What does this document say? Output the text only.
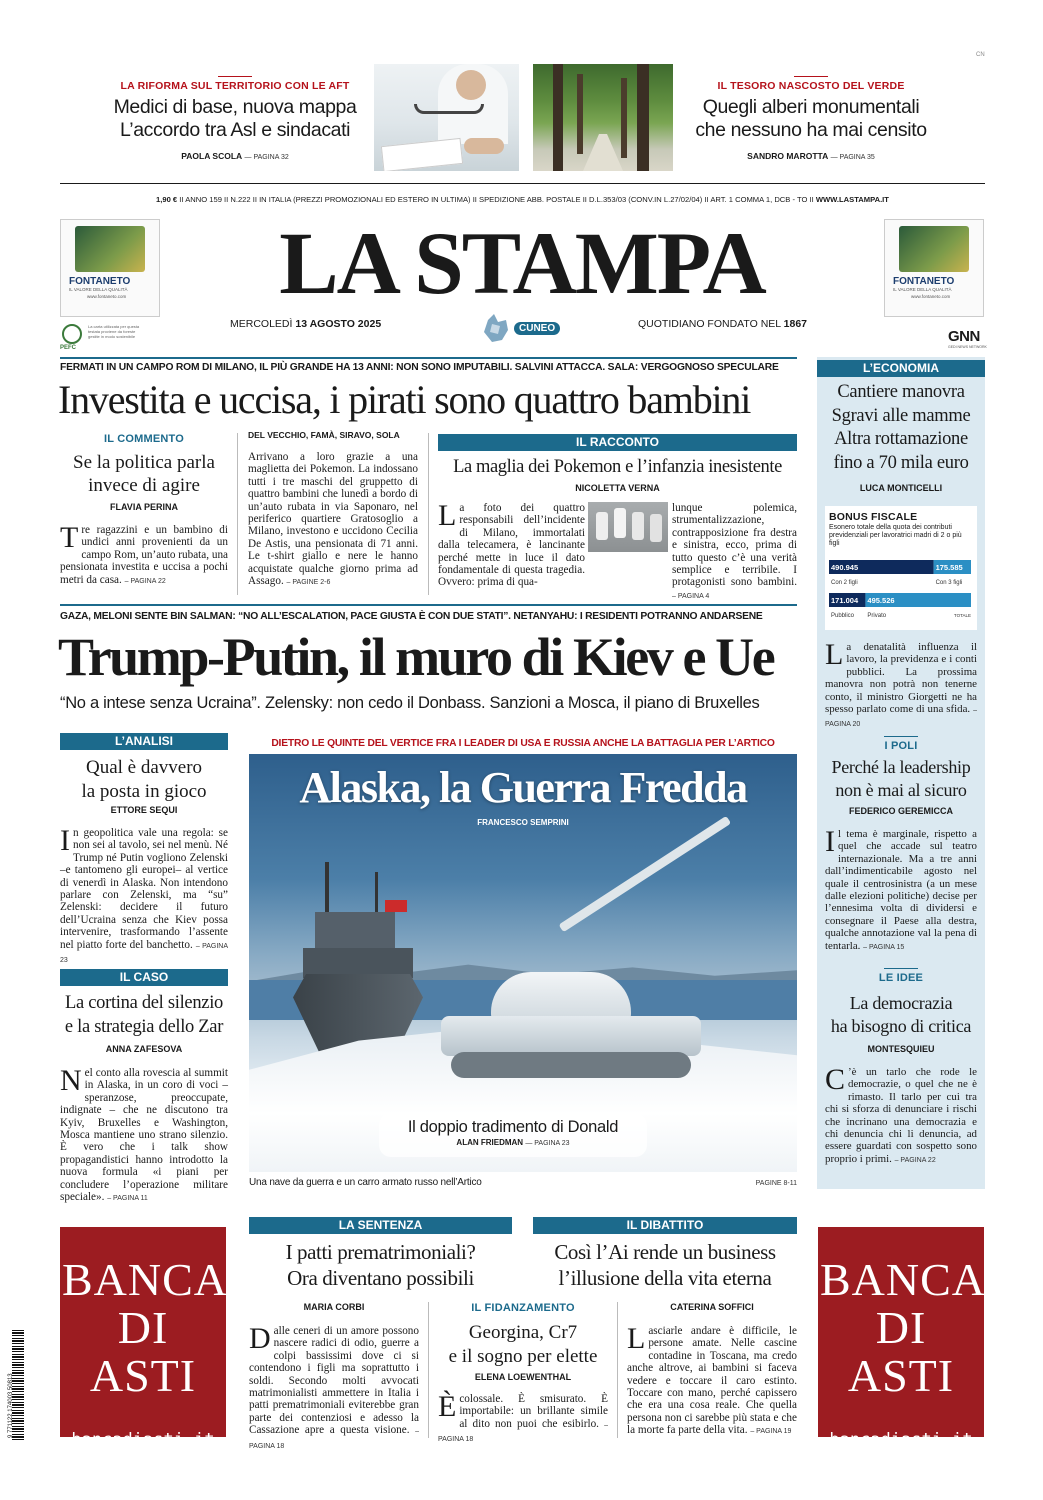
CN
LA RIFORMA SUL TERRITORIO CON LE AFT
Medici di base, nuova mappa
L’accordo tra Asl e sindacati
PAOLA SCOLA — PAGINA 32
IL TESORO NASCOSTO DEL VERDE
Quegli alberi monumentali
che nessuno ha mai censito
SANDRO MAROTTA — PAGINA 35
1,90 € II ANNO 159 II N.222 II IN ITALIA (PREZZI PROMOZIONALI ED ESTERO IN ULTIMA) II SPEDIZIONE ABB. POSTALE II D.L.353/03 (CONV.IN L.27/02/04) II ART. 1 COMMA 1, DCB - TO II WWW.LASTAMPA.IT
FONTANETO
IL VALORE DELLA QUALITÀ
www.fontaneto.com
FONTANETO
IL VALORE DELLA QUALITÀ
www.fontaneto.com
LA STAMPA
MERCOLEDÌ 13 AGOSTO 2025	CUNEO	QUOTIDIANO FONDATO NEL 1867
PEFC
La carta utilizzata per questa testata proviene da foreste gestite in modo sostenibile	GNN
GEDI NEWS NETWORK
FERMATI IN UN CAMPO ROM DI MILANO, IL PIÙ GRANDE HA 13 ANNI: NON SONO IMPUTABILI. SALVINI ATTACCA. SALA: VERGOGNOSO SPECULARE
Investita e uccisa, i pirati sono quattro bambini
IL COMMENTO
Se la politica parla
invece di agire
FLAVIA PERINA
Tre ragazzini e un bambino di undici anni provenienti da un campo Rom, un’auto rubata, una pensionata investita e uccisa a pochi metri da casa. – PAGINA 22
DEL VECCHIO, FAMÀ, SIRAVO, SOLA
Arrivano a loro grazie a una maglietta dei Pokemon. La indossano tutti i tre maschi del gruppetto di quattro bambini che lunedì a bordo di un’auto rubata in via Saponaro, nel periferico quartiere Gratosoglio a Milano, investono e uccidono Cecilia De Astis, una pensionata di 71 anni. Le t-shirt giallo e nere le hanno acquistate qualche giorno prima ad Assago. – PAGINE 2-6
IL RACCONTO
La maglia dei Pokemon e l’infanzia inesistente
NICOLETTA VERNA
La foto dei quattro responsabili dell’incidente di Milano, immortalati dalla telecamera, è lancinante perché mette in luce il dato fondamentale di questa tragedia. Ovvero: prima di qua-
lunque polemica, strumentalizzazione, contrapposizione fra destra e sinistra, ecco, prima di tutto questo c’è una verità semplice e terribile. I protagonisti sono bambini. – PAGINA 4
L’ECONOMIA
Cantiere manovra
Sgravi alle mamme
Altra rottamazione
fino a 70 mila euro
LUCA MONTICELLI
BONUS FISCALE
Esonero totale della quota dei contributi previdenziali per lavoratrici madri di 2 o più figli
490.945
Con 2 figli
175.585
Con 3 figli
171.004
Pubblico
495.526
Privato	TOTALE
La denatalità influenza il lavoro, la previdenza e i conti pubblici. La prossima manovra non potrà non tenerne conto, il ministro Giorgetti ne ha spesso parlato come di una sfida. – PAGINA 20
I POLI
Perché la leadership
non è mai al sicuro
FEDERICO GEREMICCA
Il tema è marginale, rispetto a quel che accade sul teatro internazionale. Ma a tre anni dall’indimenticabile agosto nel quale il centrosinistra (a un mese dalle elezioni politiche) decise per l’ennesima volta di dividersi e consegnare il Paese alla destra, qualche annotazione val la pena di tentarla. – PAGINA 15
LE IDEE
La democrazia
ha bisogno di critica
MONTESQUIEU
C ’è un tarlo che rode le democrazie, o quel che ne è rimasto. Il tarlo per cui tra chi si sforza di denunciare i rischi che incrinano una democrazia e chi denuncia chi li denuncia, ad essere guardati con sospetto sono proprio i primi. – PAGINA 22
GAZA, MELONI SENTE BIN SALMAN: “NO ALL’ESCALATION, PACE GIUSTA È CON DUE STATI”. NETANYAHU: I RESIDENTI POTRANNO ANDARSENE
Trump-Putin, il muro di Kiev e Ue
“No a intese senza Ucraina”. Zelensky: non cedo il Donbass. Sanzioni a Mosca, il piano di Bruxelles
L’ANALISI
Qual è davvero
la posta in gioco
ETTORE SEQUI
In geopolitica vale una regola: se non sei al tavolo, sei nel menù. Né Trump né Putin vogliono Zelenski –e tantomeno gli europei– al vertice di venerdì in Alaska. Non intendono parlare con Zelenski, ma “su” Zelenski: decidere il futuro dell’Ucraina senza che Kiev possa intervenire, trasformando l’assente nel piatto forte del banchetto. – PAGINA 23
IL CASO
La cortina del silenzio
e la strategia dello Zar
ANNA ZAFESOVA
Nel conto alla rovescia al summit in Alaska, in un coro di voci – speranzose, preoccupate, indignate – che ne discutono tra Kyiv, Bruxelles e Washington, Mosca mantiene uno strano silenzio. È vero che i talk show propagandistici hanno introdotto la nuova formula «i piani per concludere l’operazione militare speciale». – PAGINA 11
DIETRO LE QUINTE DEL VERTICE FRA I LEADER DI USA E RUSSIA ANCHE LA BATTAGLIA PER L’ARTICO
Alaska, la Guerra Fredda
FRANCESCO SEMPRINI
Il doppio tradimento di Donald
ALAN FRIEDMAN — PAGINA 23
Una nave da guerra e un carro armato russo nell’Artico	PAGINE 8-11
9 771122 174003 50813
BANCA
DI ASTI
bancadiasti.it
BANCA
DI ASTI
bancadiasti.it
LA SENTENZA
I patti prematrimoniali?
Ora diventano possibili
MARIA CORBI
Dalle ceneri di un amore possono nascere radici di odio, guerre a colpi bassissimi dove ci si contendono i figli ma soprattutto i soldi. Secondo molti avvocati matrimonialisti ammettere in Italia i patti prematrimoniali eviterebbe gran parte dei contenziosi e adesso la Cassazione apre a questa visione. – PAGINA 18
IL FIDANZAMENTO
Georgina, Cr7
e il sogno per elette
ELENA LOEWENTHAL
È colossale. È smisurato. È importabile: un brillante simile al dito non puoi che esibirlo. – PAGINA 18
IL DIBATTITO
Così l’Ai rende un business
l’illusione della vita eterna
CATERINA SOFFICI
Lasciarle andare è difficile, le persone amate. Nelle cascine contadine in Toscana, ma credo anche altrove, ai bambini si faceva vedere e toccare il caro estinto. Toccare con mano, perché capissero che era una cosa reale. Che quella persona non ci sarebbe più stata e che la morte fa parte della vita. – PAGINA 19
